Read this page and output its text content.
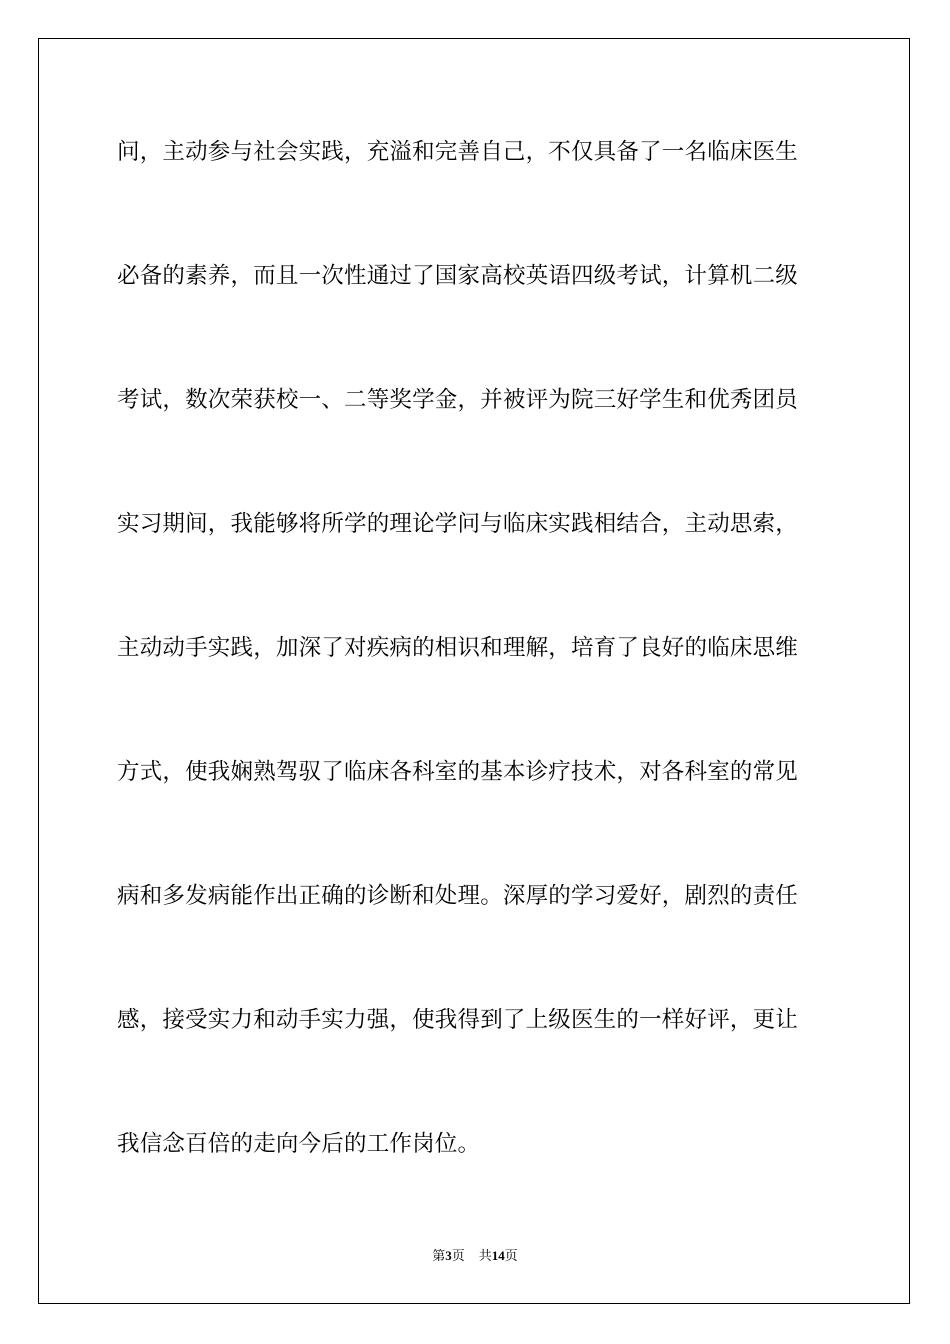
问，主动参与社会实践，充溢和完善自己，不仅具备了一名临床医生
必备的素养，而且一次性通过了国家高校英语四级考试，计算机二级
考试，数次荣获校一、二等奖学金，并被评为院三好学生和优秀团员
实习期间，我能够将所学的理论学问与临床实践相结合，主动思索，
主动动手实践，加深了对疾病的相识和理解，培育了良好的临床思维
方式，使我娴熟驾驭了临床各科室的基本诊疗技术，对各科室的常见
病和多发病能作出正确的诊断和处理。深厚的学习爱好，剧烈的责任
感，接受实力和动手实力强，使我得到了上级医生的一样好评，更让
我信念百倍的走向今后的工作岗位。
第3页 共14页
